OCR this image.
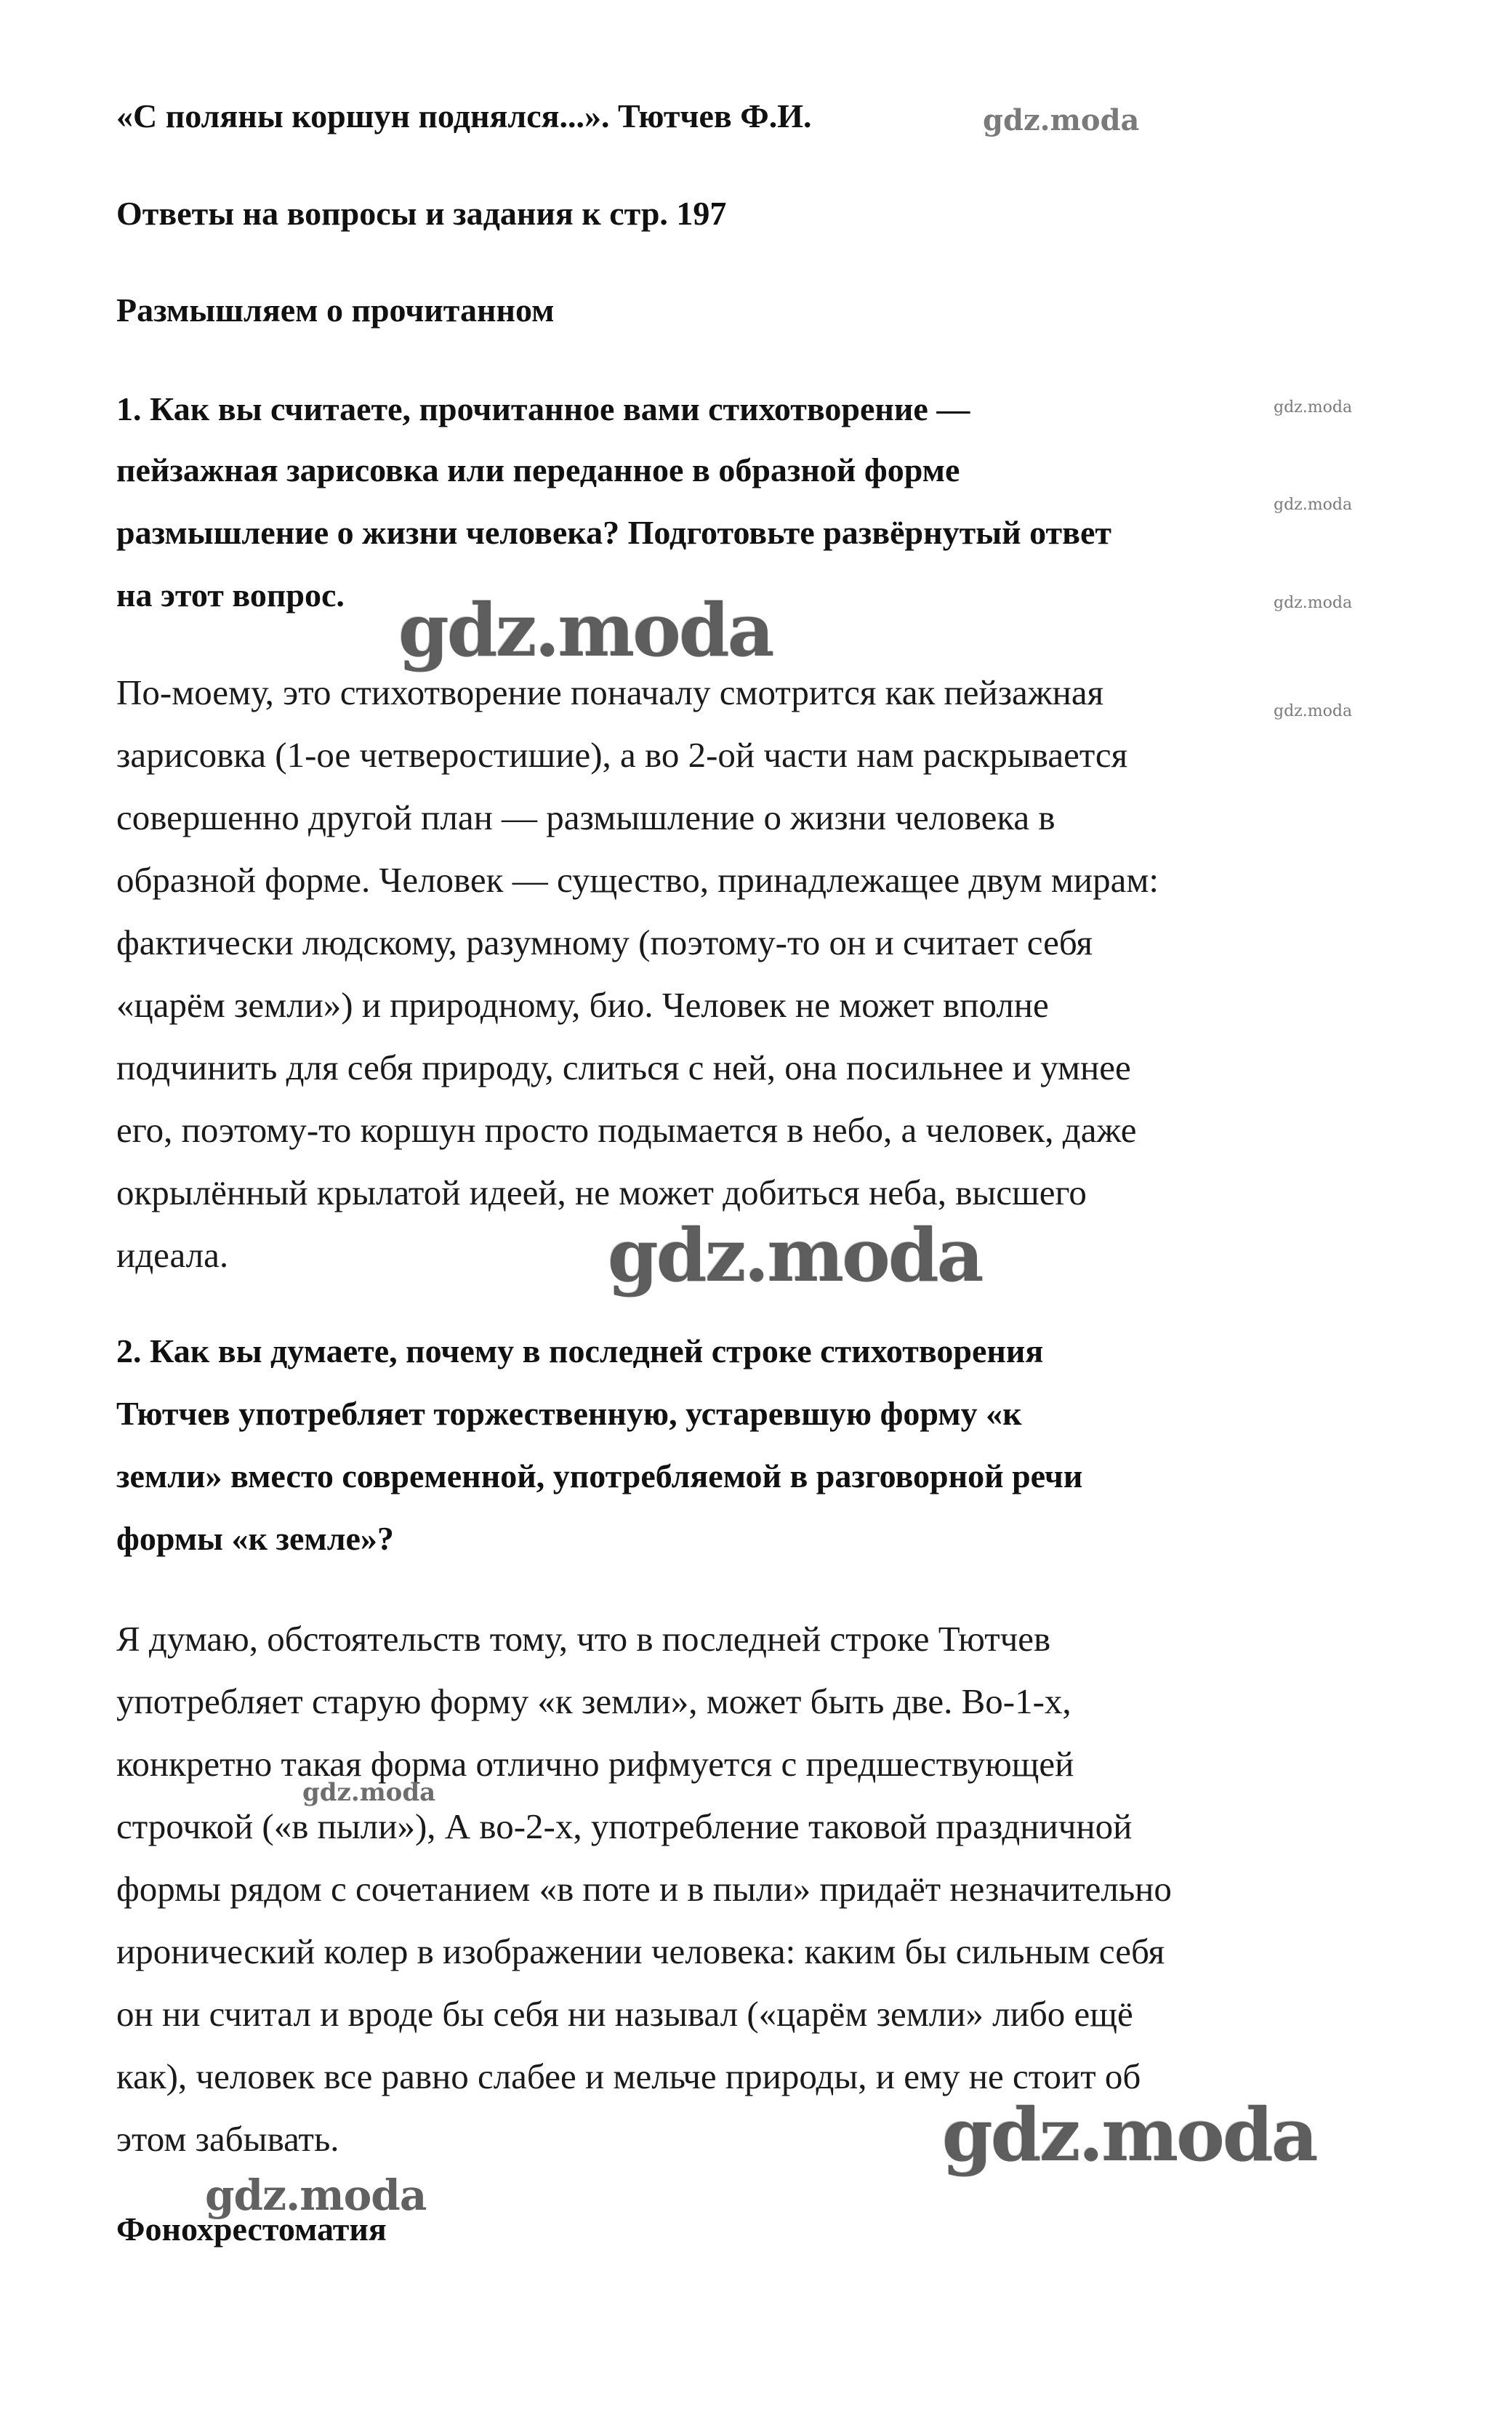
«С поляны коршун поднялся...». Тютчев Ф.И.	gdz.moda

Ответы на вопросы и задания к стр. 197

Размышляем о прочитанном

1. Как вы считаете, прочитанное вами стихотворение —

пейзажная зарисовка или переданное в образной форме

размышление о жизни человека? Подготовьте развёрнутый ответ

на этот вопрос.

gdz.moda
gdz.moda
gdz.moda
gdz.moda
gdz.moda

По-моему, это стихотворение поначалу смотрится как пейзажная

зарисовка (1-ое четверостишие), а во 2-ой части нам раскрывается

совершенно другой план — размышление о жизни человека в

образной форме. Человек — существо, принадлежащее двум мирам:

фактически людскому, разумному (поэтому-то он и считает себя

«царём земли») и природному, био. Человек не может вполне

подчинить для себя природу, слиться с ней, она посильнее и умнее

его, поэтому-то коршун просто подымается в небо, а человек, даже

окрылённый крылатой идеей, не может добиться неба, высшего

идеала.	gdz.moda

2. Как вы думаете, почему в последней строке стихотворения

Тютчев употребляет торжественную, устаревшую форму «к

земли» вместо современной, употребляемой в разговорной речи

формы «к земле»?

Я думаю, обстоятельств тому, что в последней строке Тютчев

употребляет старую форму «к земли», может быть две. Во-1-х,

конкретно такая форма отлично рифмуется с предшествующей

строчкой («в пыли»), А во-2-х, употребление таковой праздничной

формы рядом с сочетанием «в поте и в пыли» придаёт незначительно

иронический колер в изображении человека: каким бы сильным себя

он ни считал и вроде бы себя ни называл («царём земли» либо ещё

как), человек все равно слабее и мельче природы, и ему не стоит об

этом забывать.

gdz.moda
gdz.moda
gdz.moda

Фонохрестоматия
